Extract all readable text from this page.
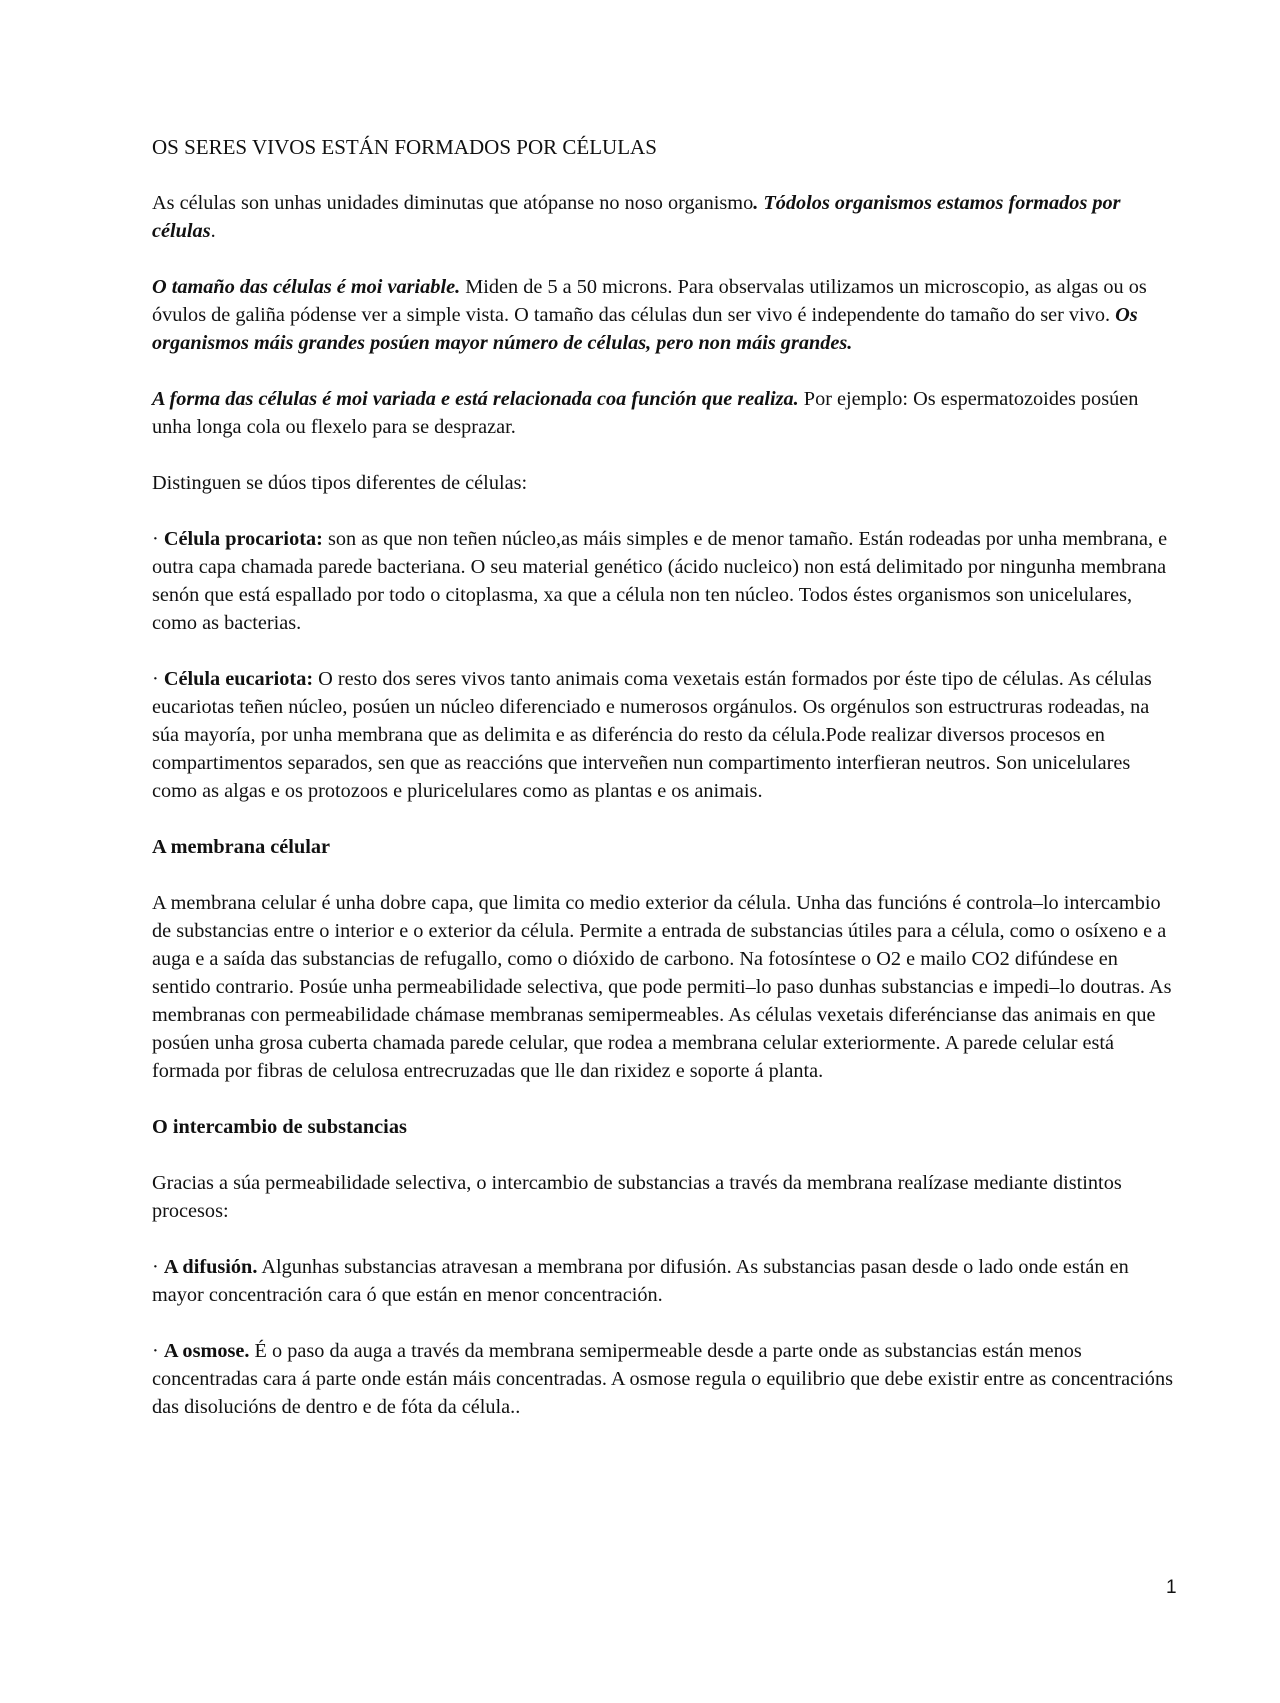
OS SERES VIVOS ESTÁN FORMADOS POR CÉLULAS

As células son unhas unidades diminutas que atópanse no noso organismo. Tódolos organismos estamos formados por células.

O tamaño das células é moi variable. Miden de 5 a 50 microns. Para observalas utilizamos un microscopio, as algas ou os óvulos de galiña pódense ver a simple vista. O tamaño das células dun ser vivo é independente do tamaño do ser vivo. Os organismos máis grandes posúen mayor número de células, pero non máis grandes.

A forma das células é moi variada e está relacionada coa función que realiza. Por ejemplo: Os espermatozoides posúen unha longa cola ou flexelo para se desprazar.

Distinguen se dúos tipos diferentes de células:

· Célula procariota: son as que non teñen núcleo,as máis simples e de menor tamaño. Están rodeadas por unha membrana, e outra capa chamada parede bacteriana. O seu material genético (ácido nucleico) non está delimitado por ningunha membrana senón que está espallado por todo o citoplasma, xa que a célula non ten núcleo. Todos éstes organismos son unicelulares, como as bacterias.

· Célula eucariota: O resto dos seres vivos tanto animais coma vexetais están formados por éste tipo de células. As células eucariotas teñen núcleo, posúen un núcleo diferenciado e numerosos orgánulos. Os orgénulos son estructruras rodeadas, na súa mayoría, por unha membrana que as delimita e as diferéncia do resto da célula.Pode realizar diversos procesos en compartimentos separados, sen que as reaccións que interveñen nun compartimento interfieran neutros. Son unicelulares como as algas e os protozoos e pluricelulares como as plantas e os animais.

A membrana célular

A membrana celular é unha dobre capa, que limita co medio exterior da célula. Unha das funcións é controla–lo intercambio de substancias entre o interior e o exterior da célula. Permite a entrada de substancias útiles para a célula, como o osíxeno e a auga e a saída das substancias de refugallo, como o dióxido de carbono. Na fotosíntese o O2 e mailo CO2 difúndese en sentido contrario. Posúe unha permeabilidade selectiva, que pode permiti–lo paso dunhas substancias e impedi–lo doutras. As membranas con permeabilidade chámase membranas semipermeables. As células vexetais diferéncianse das animais en que posúen unha grosa cuberta chamada parede celular, que rodea a membrana celular exteriormente. A parede celular está formada por fibras de celulosa entrecruzadas que lle dan rixidez e soporte á planta.

O intercambio de substancias

Gracias a súa permeabilidade selectiva, o intercambio de substancias a través da membrana realízase mediante distintos procesos:

· A difusión. Algunhas substancias atravesan a membrana por difusión. As substancias pasan desde o lado onde están en mayor concentración cara ó que están en menor concentración.

· A osmose. É o paso da auga a través da membrana semipermeable desde a parte onde as substancias están menos concentradas cara á parte onde están máis concentradas. A osmose regula o equilibrio que debe existir entre as concentracións das disolucións de dentro e de fóta da célula..

1
